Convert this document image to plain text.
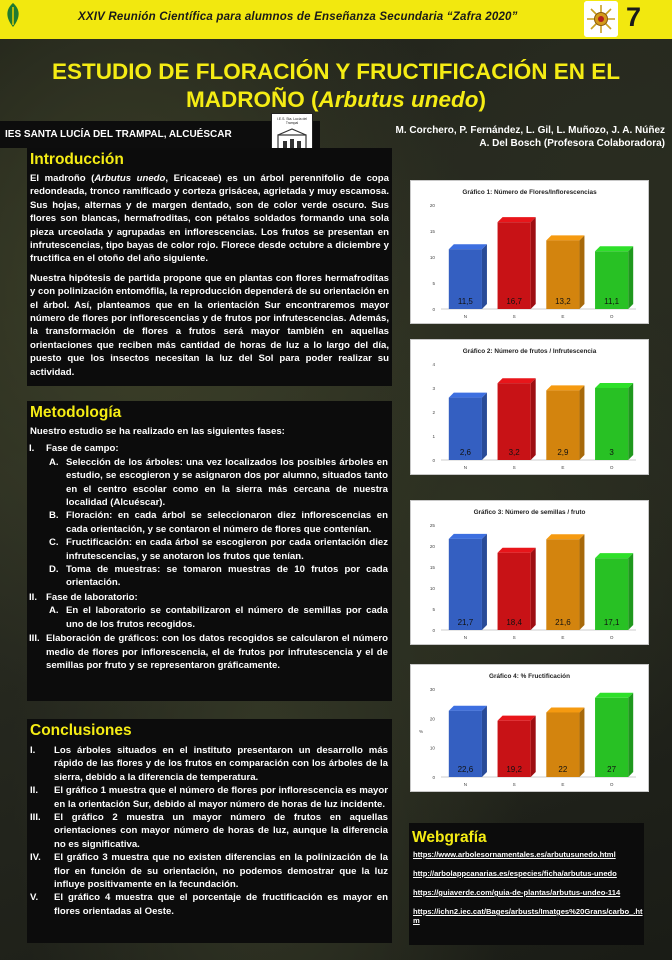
XXIV Reunión Científica para alumnos de Enseñanza Secundaria “Zafra 2020”	7
ESTUDIO DE FLORACIÓN Y FRUCTIFICACIÓN EN EL
MADROÑO (Arbutus unedo)
IES SANTA LUCÍA DEL TRAMPAL, ALCUÉSCAR
I.E.S. Sta. Lucía del Trampal
M. Corchero, P. Fernández, L. Gil, L. Muñozo, J. A. Núñez
A. Del Bosch (Profesora Colaboradora)
Introducción
El madroño (Arbutus unedo, Ericaceae) es un árbol perennifolio de copa redondeada, tronco ramificado y corteza grisácea, agrietada y muy escamosa. Sus hojas, alternas y de margen dentado, son de color verde oscuro. Sus flores son blancas, hermafroditas, con pétalos soldados formando una sola pieza urceolada y agrupadas en inflorescencias. Los frutos se presentan en infrutescencias, tipo bayas de color rojo. Florece desde octubre a diciembre y fructifica en el otoño del año siguiente.
Nuestra hipótesis de partida propone que en plantas con flores hermafroditas y con polinización entomófila, la reproducción dependerá de su orientación en el árbol. Así, planteamos que en la orientación Sur encontraremos mayor número de flores por inflorescencias y de frutos por infrutescencias. Además, la transformación de flores a frutos será mayor también en aquellas orientaciones que reciben más cantidad de horas de luz a lo largo del día, puesto que los insectos necesitan la luz del Sol para poder realizar su actividad.
Metodología
Nuestro estudio se ha realizado en las siguientes fases:
I.	Fase de campo:
A. Selección de los árboles: una vez localizados los posibles árboles en estudio, se escogieron y se asignaron dos por alumno, situados tanto en el centro escolar como en la sierra más cercana de nuestra localidad (Alcuéscar).
B. Floración: en cada árbol se seleccionaron diez inflorescencias en cada orientación, y se contaron el número de flores que contenían.
C. Fructificación: en cada árbol se escogieron por cada orientación diez infrutescencias, y se anotaron los frutos que tenían.
D. Toma de muestras: se tomaron muestras de 10 frutos por cada orientación.
II. Fase de laboratorio:
A. En el laboratorio se contabilizaron el número de semillas por cada uno de los frutos recogidos.
III. Elaboración de gráficos: con los datos recogidos se calcularon el número medio de flores por inflorescencia, el de frutos por infrutescencia y el de semillas por fruto y se representaron gráficamente.
Conclusiones
I.	Los árboles situados en el instituto presentaron un desarrollo más rápido de las flores y de los frutos en comparación con los árboles de la sierra, debido a la diferencia de temperatura.
II.	El gráfico 1 muestra que el número de flores por inflorescencia es mayor en la orientación Sur, debido al mayor número de horas de luz incidente.
III.	El gráfico 2 muestra un mayor número de frutos en aquellas orientaciones con mayor número de horas de luz, aunque la diferencia no es significativa.
IV.	El gráfico 3 muestra que no existen diferencias en la polinización de la flor en función de su orientación, no podemos demostrar que la luz influye positivamente en la fecundación.
V.	El gráfico 4 muestra que el porcentaje de fructificación es mayor en flores orientadas al Oeste.
Gráfico 1: Número de Flores/Inflorescencias
0
5
10
15
20
11,5
N
16,7
S
13,2
E
11,1
O
Gráfico 2: Número de frutos / Infrutescencia
0
1
2
3
4
2,6
N
3,2
S
2,9
E
3
O
Gráfico 3: Número de semillas / fruto
0
5
10
15
20
25
21,7
N
18,4
S
21,6
E
17,1
O
Gráfico 4: % Fructificación
0
10
20
30
%
22,6
N
19,2
S
22
E
27
O
Webgrafía
https://www.arbolesornamentales.es/arbutusunedo.html
http://arbolappcanarias.es/especies/ficha/arbutus-unedo
https://guiaverde.com/guia-de-plantas/arbutus-undeo-114
https://ichn2.iec.cat/Bages/arbusts/Imatges%20Grans/carbo_.htm
